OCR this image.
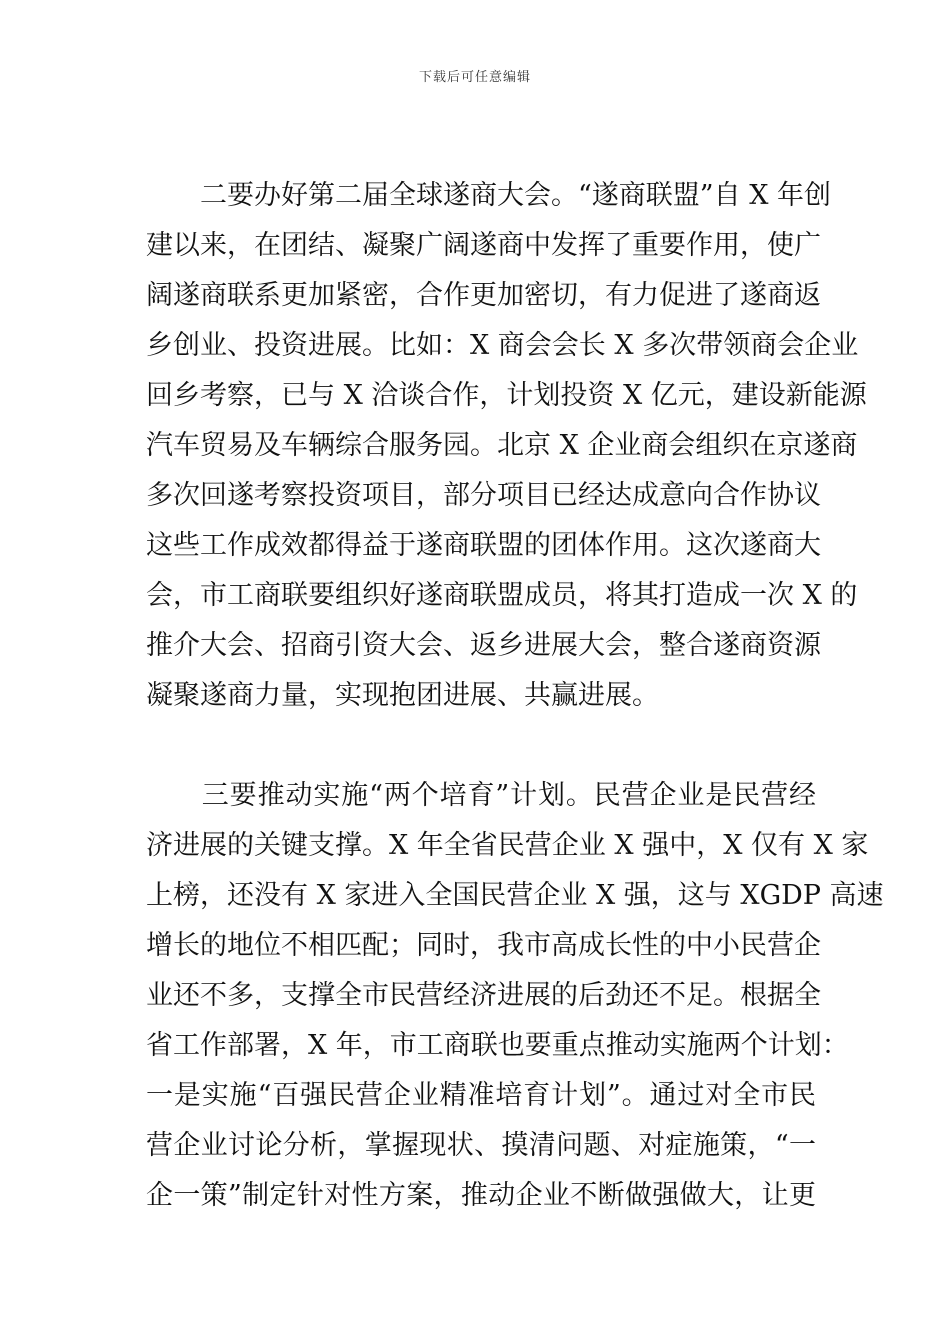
下载后可任意编辑
　　二要办好第二届全球遂商大会。“遂商联盟”自 X 年创
建以来，在团结、凝聚广阔遂商中发挥了重要作用，使广
阔遂商联系更加紧密，合作更加密切，有力促进了遂商返
乡创业、投资进展。比如：X 商会会长 X 多次带领商会企业
回乡考察，已与 X 洽谈合作，计划投资 X 亿元，建设新能源
汽车贸易及车辆综合服务园。北京 X 企业商会组织在京遂商
多次回遂考察投资项目，部分项目已经达成意向合作协议
这些工作成效都得益于遂商联盟的团体作用。这次遂商大
会，市工商联要组织好遂商联盟成员，将其打造成一次 X 的
推介大会、招商引资大会、返乡进展大会，整合遂商资源
凝聚遂商力量，实现抱团进展、共赢进展。
　　三要推动实施“两个培育”计划。民营企业是民营经
济进展的关键支撑。X 年全省民营企业 X 强中，X 仅有 X 家
上榜，还没有 X 家进入全国民营企业 X 强，这与 XGDP 高速
增长的地位不相匹配；同时，我市高成长性的中小民营企
业还不多，支撑全市民营经济进展的后劲还不足。根据全
省工作部署，X 年，市工商联也要重点推动实施两个计划：
一是实施“百强民营企业精准培育计划”。通过对全市民
营企业讨论分析，掌握现状、摸清问题、对症施策，“一
企一策”制定针对性方案，推动企业不断做强做大，让更
